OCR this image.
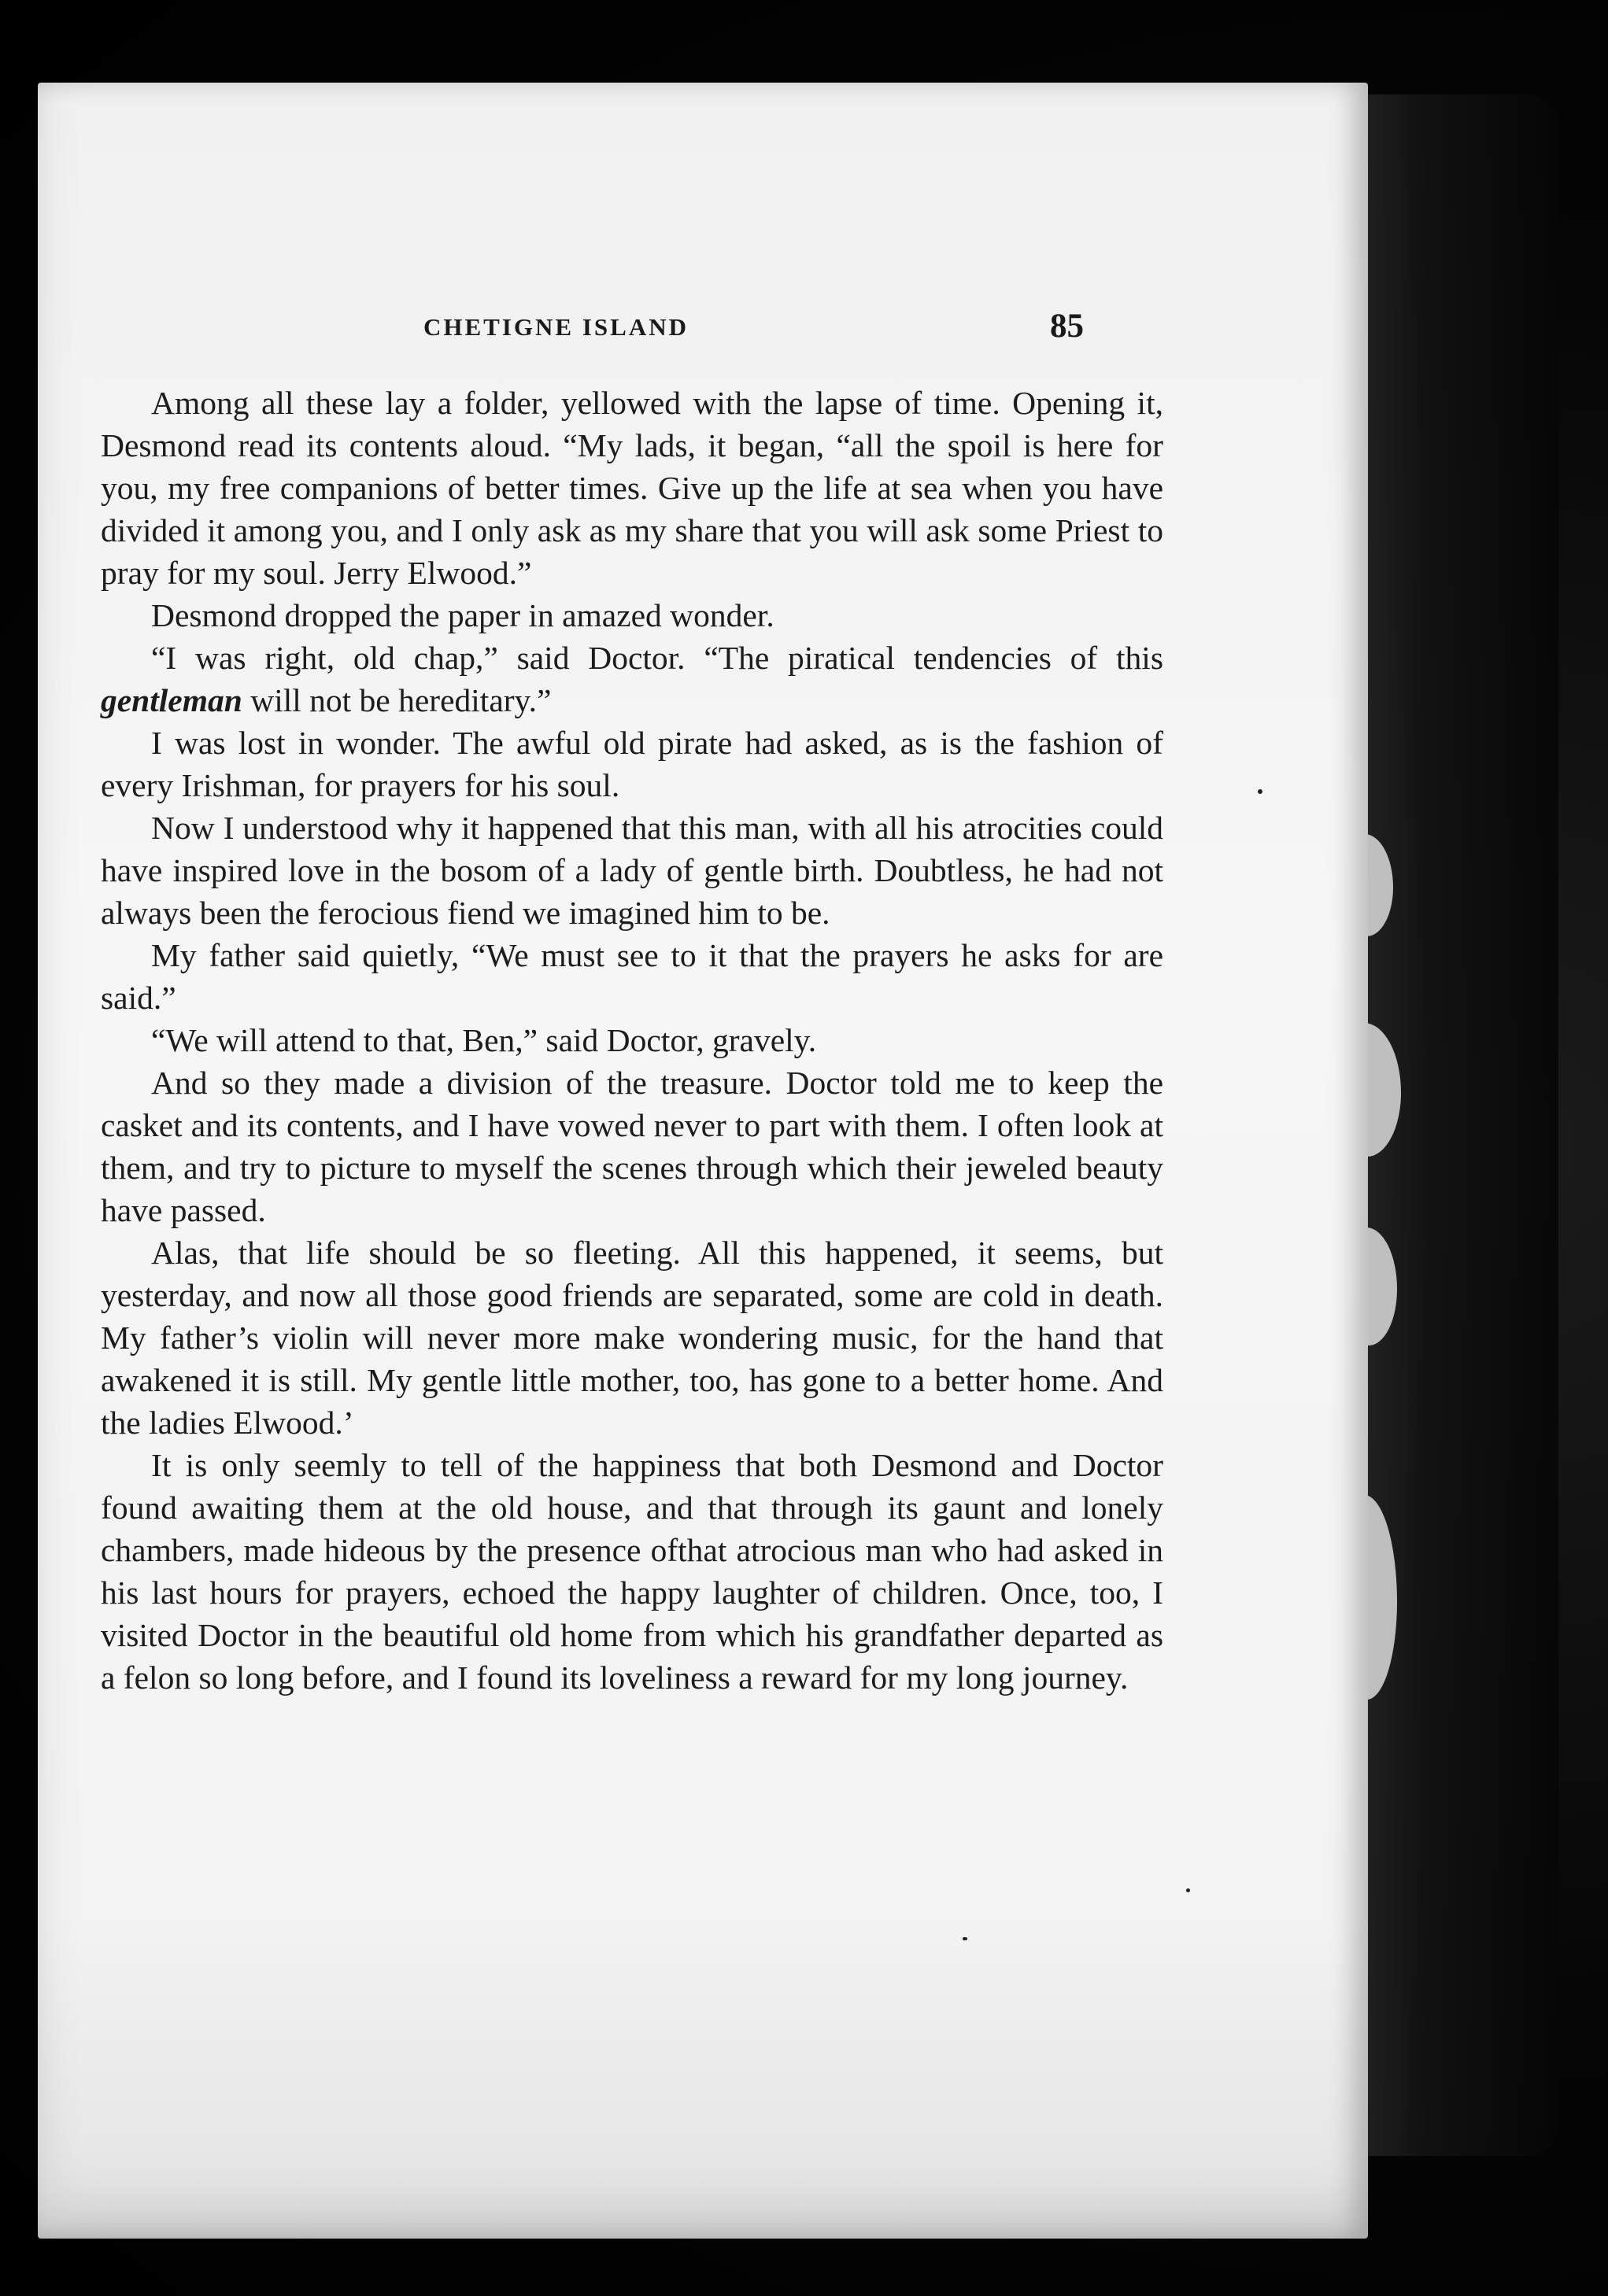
CHETIGNE ISLAND	85

Among all these lay a foldеr, yellowed with the lapse of time. Opening it, Desmond read its contents aloud. “My lads, it began, “all the spoil is here for you, my free companions of better times. Give up the life at sea when you have divided it among you, and I only ask as my share that you will ask some Priest to pray for my soul. Jerry Elwood.”

Desmond dropped the paper in amazed wonder.

“I was right, old chap,” said Doctor. “The piratical tendencies of this gentleman will not be hereditary.”

I was lost in wonder. The awful old pirate had asked, as is the fashion of every Irishman, for prayers for his soul.

Now I understood why it happened that this man, with all his atrocities could have inspired love in the bosom of a lady of gentle birth. Doubtless, he had not always been the ferocious fiend we imagined him to be.

My father said quietly, “We must see to it that the prayers he asks for are said.”

“We will attend to that, Ben,” said Doctor, gravely.

And so they made a division of the treasure. Doctor told me to keep the casket and its contents, and I have vowed never to part with them. I often look at them, and try to picture to myself the scenes through which their jeweled beauty have passed.

Alas, that life should be so fleeting. All this happened, it seems, but yesterday, and now all those good friends are separated, some are cold in death. My father’s violin will never more make wondering music, for the hand that awakened it is still. My gentle little mother, too, has gone to a better home. And the ladies Elwood.’

It is only seemly to tell of the happiness that both Desmond and Doctor found awaiting them at the old house, and that through its gaunt and lonely chambers, made hideous by the presence ofthat atrocious man who had asked in his last hours for prayers, echoed the happy laughter of children. Once, too, I visited Doctor in the beautiful old home from which his grandfather departed as a felon so long before, and I found its loveliness a reward for my long journey.
